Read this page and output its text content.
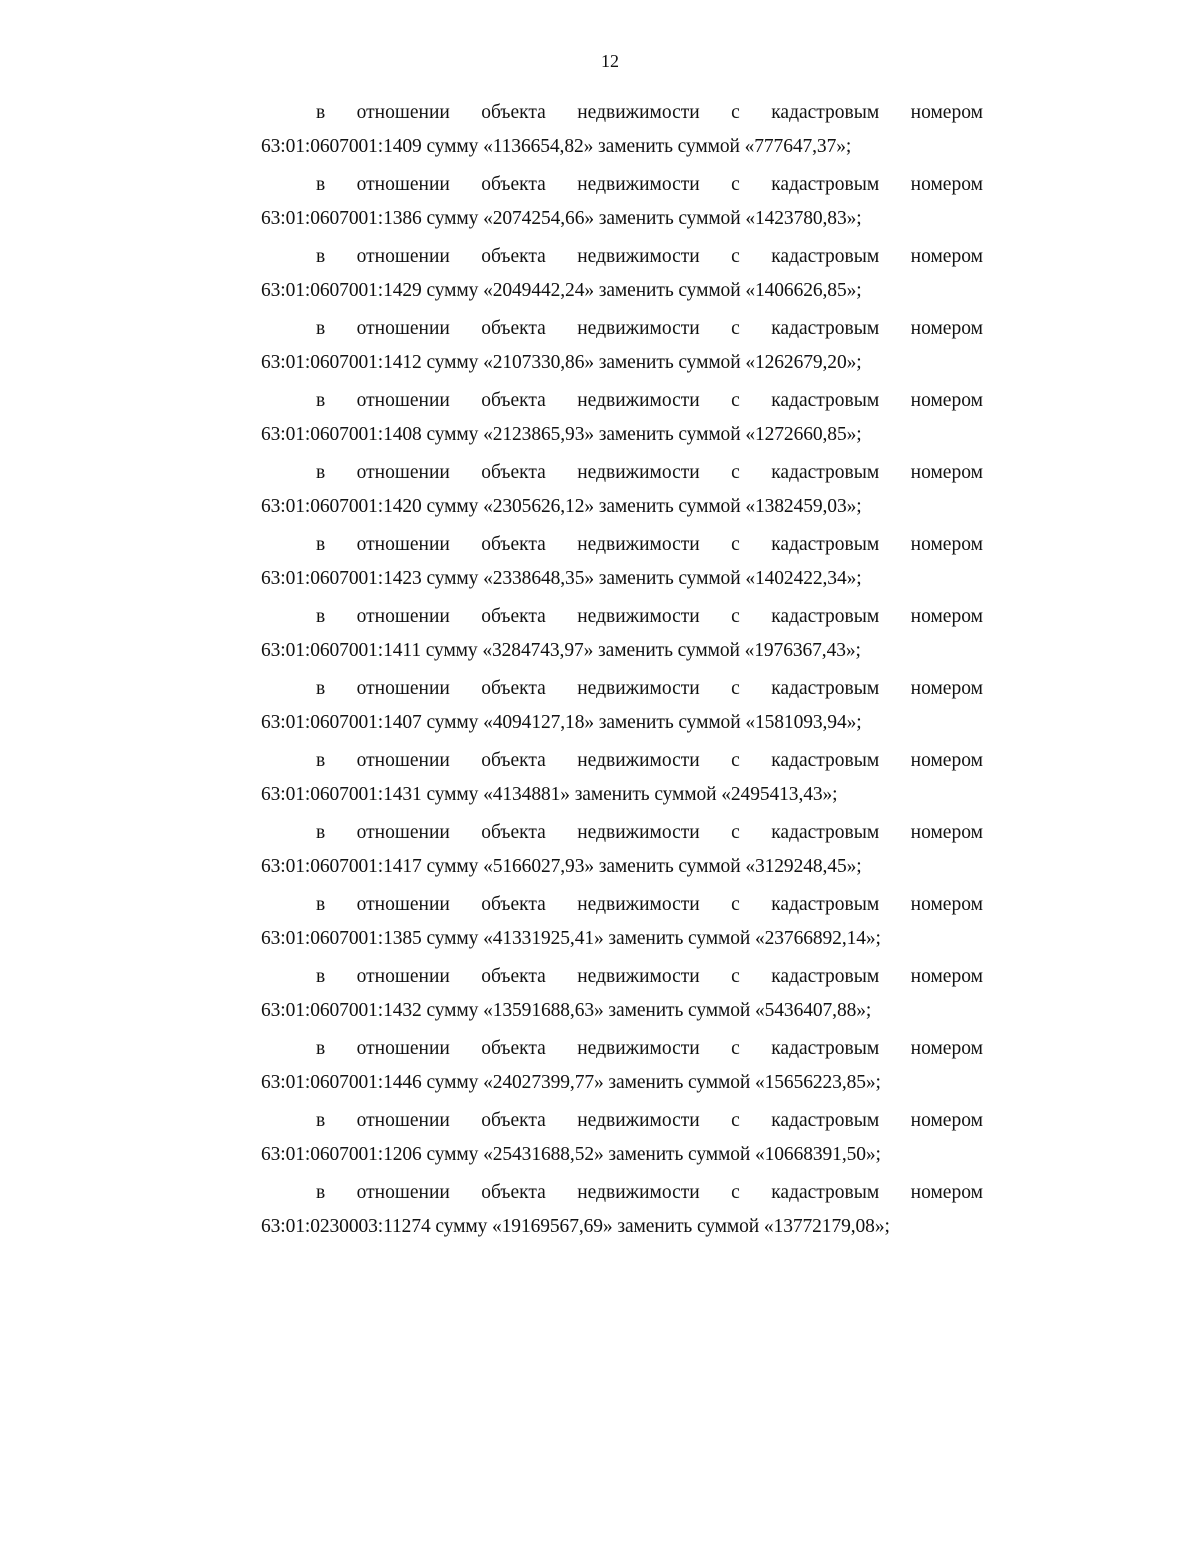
12
в отношении объекта недвижимости с кадастровым номером
63:01:0607001:1409 сумму «1136654,82» заменить суммой «777647,37»;
в отношении объекта недвижимости с кадастровым номером
63:01:0607001:1386 сумму «2074254,66» заменить суммой «1423780,83»;
в отношении объекта недвижимости с кадастровым номером
63:01:0607001:1429 сумму «2049442,24» заменить суммой «1406626,85»;
в отношении объекта недвижимости с кадастровым номером
63:01:0607001:1412 сумму «2107330,86» заменить суммой «1262679,20»;
в отношении объекта недвижимости с кадастровым номером
63:01:0607001:1408 сумму «2123865,93» заменить суммой «1272660,85»;
в отношении объекта недвижимости с кадастровым номером
63:01:0607001:1420 сумму «2305626,12» заменить суммой «1382459,03»;
в отношении объекта недвижимости с кадастровым номером
63:01:0607001:1423 сумму «2338648,35» заменить суммой «1402422,34»;
в отношении объекта недвижимости с кадастровым номером
63:01:0607001:1411 сумму «3284743,97» заменить суммой «1976367,43»;
в отношении объекта недвижимости с кадастровым номером
63:01:0607001:1407 сумму «4094127,18» заменить суммой «1581093,94»;
в отношении объекта недвижимости с кадастровым номером
63:01:0607001:1431 сумму «4134881» заменить суммой «2495413,43»;
в отношении объекта недвижимости с кадастровым номером
63:01:0607001:1417 сумму «5166027,93» заменить суммой «3129248,45»;
в отношении объекта недвижимости с кадастровым номером
63:01:0607001:1385 сумму «41331925,41» заменить суммой «23766892,14»;
в отношении объекта недвижимости с кадастровым номером
63:01:0607001:1432 сумму «13591688,63» заменить суммой «5436407,88»;
в отношении объекта недвижимости с кадастровым номером
63:01:0607001:1446 сумму «24027399,77» заменить суммой «15656223,85»;
в отношении объекта недвижимости с кадастровым номером
63:01:0607001:1206 сумму «25431688,52» заменить суммой «10668391,50»;
в отношении объекта недвижимости с кадастровым номером
63:01:0230003:11274 сумму «19169567,69» заменить суммой «13772179,08»;
